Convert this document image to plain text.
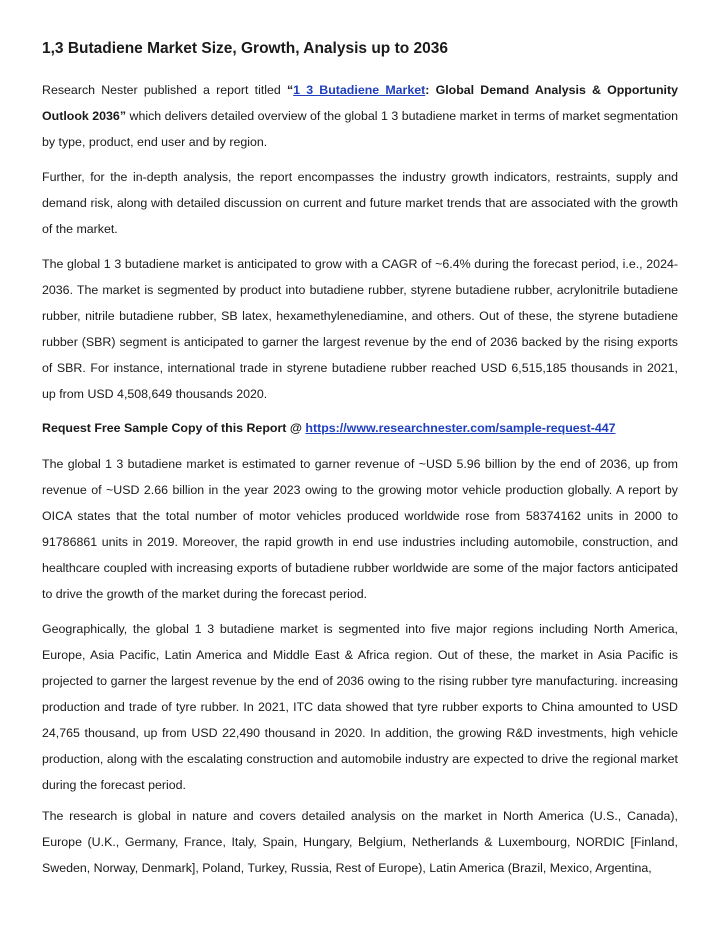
1,3 Butadiene Market Size, Growth, Analysis up to 2036

Research Nester published a report titled “1 3 Butadiene Market: Global Demand Analysis & Opportunity Outlook 2036” which delivers detailed overview of the global 1 3 butadiene market in terms of market segmentation by type, product, end user and by region.

Further, for the in-depth analysis, the report encompasses the industry growth indicators, restraints, supply and demand risk, along with detailed discussion on current and future market trends that are associated with the growth of the market.

The global 1 3 butadiene market is anticipated to grow with a CAGR of ~6.4% during the forecast period, i.e., 2024-2036. The market is segmented by product into butadiene rubber, styrene butadiene rubber, acrylonitrile butadiene rubber, nitrile butadiene rubber, SB latex, hexamethylenediamine, and others. Out of these, the styrene butadiene rubber (SBR) segment is anticipated to garner the largest revenue by the end of 2036 backed by the rising exports of SBR. For instance, international trade in styrene butadiene rubber reached USD 6,515,185 thousands in 2021, up from USD 4,508,649 thousands 2020.

Request Free Sample Copy of this Report @ https://www.researchnester.com/sample-request-447

The global 1 3 butadiene market is estimated to garner revenue of ~USD 5.96 billion by the end of 2036, up from revenue of ~USD 2.66 billion in the year 2023 owing to the growing motor vehicle production globally. A report by OICA states that the total number of motor vehicles produced worldwide rose from 58374162 units in 2000 to 91786861 units in 2019. Moreover, the rapid growth in end use industries including automobile, construction, and healthcare coupled with increasing exports of butadiene rubber worldwide are some of the major factors anticipated to drive the growth of the market during the forecast period.

Geographically, the global 1 3 butadiene market is segmented into five major regions including North America, Europe, Asia Pacific, Latin America and Middle East & Africa region. Out of these, the market in Asia Pacific is projected to garner the largest revenue by the end of 2036 owing to the rising rubber tyre manufacturing. increasing production and trade of tyre rubber. In 2021, ITC data showed that tyre rubber exports to China amounted to USD 24,765 thousand, up from USD 22,490 thousand in 2020. In addition, the growing R&D investments, high vehicle production, along with the escalating construction and automobile industry are expected to drive the regional market during the forecast period.

The research is global in nature and covers detailed analysis on the market in North America (U.S., Canada), Europe (U.K., Germany, France, Italy, Spain, Hungary, Belgium, Netherlands & Luxembourg, NORDIC [Finland, Sweden, Norway, Denmark], Poland, Turkey, Russia, Rest of Europe), Latin America (Brazil, Mexico, Argentina,
